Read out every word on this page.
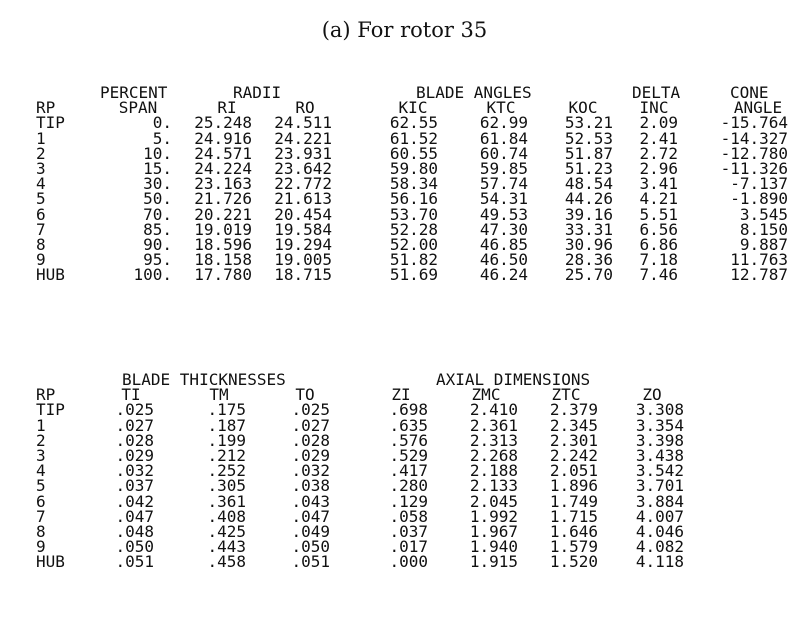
(a) For rotor 35

PERCENT

	RADII

	BLADE ANGLES

	DELTA

	CONE

RP	SPAN	RI	RO	KIC	KTC	KOC	INC	ANGLE
TIP	0.	25.248	24.511	62.55	62.99	53.21	2.09	-15.764
1	5.	24.916	24.221	61.52	61.84	52.53	2.41	-14.327
2	10.	24.571	23.931	60.55	60.74	51.87	2.72	-12.780
3	15.	24.224	23.642	59.80	59.85	51.23	2.96	-11.326
4	30.	23.163	22.772	58.34	57.74	48.54	3.41	-7.137
5	50.	21.726	21.613	56.16	54.31	44.26	4.21	-1.890
6	70.	20.221	20.454	53.70	49.53	39.16	5.51	3.545
7	85.	19.019	19.584	52.28	47.30	33.31	6.56	8.150
8	90.	18.596	19.294	52.00	46.85	30.96	6.86	9.887
9	95.	18.158	19.005	51.82	46.50	28.36	7.18	11.763
HUB	100.	17.780	18.715	51.69	46.24	25.70	7.46	12.787

BLADE THICKNESSES

	AXIAL DIMENSIONS

RP	TI	TM	TO	ZI	ZMC	ZTC	ZO
TIP	.025	.175	.025	.698	2.410	2.379	3.308
1	.027	.187	.027	.635	2.361	2.345	3.354
2	.028	.199	.028	.576	2.313	2.301	3.398
3	.029	.212	.029	.529	2.268	2.242	3.438
4	.032	.252	.032	.417	2.188	2.051	3.542
5	.037	.305	.038	.280	2.133	1.896	3.701
6	.042	.361	.043	.129	2.045	1.749	3.884
7	.047	.408	.047	.058	1.992	1.715	4.007
8	.048	.425	.049	.037	1.967	1.646	4.046
9	.050	.443	.050	.017	1.940	1.579	4.082
HUB	.051	.458	.051	.000	1.915	1.520	4.118
